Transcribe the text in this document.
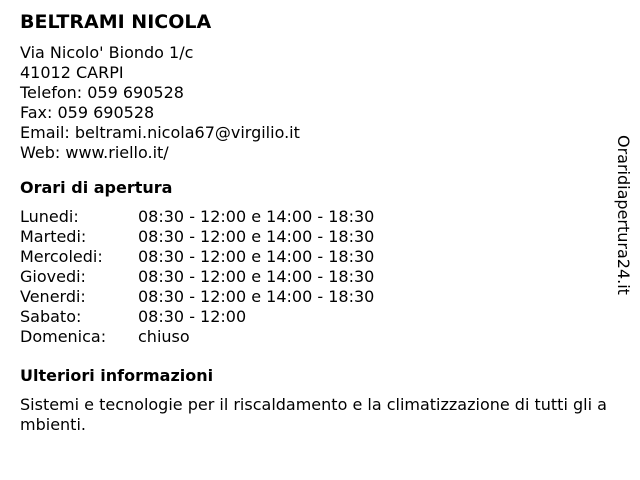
BELTRAMI NICOLA
Via Nicolo' Biondo 1/c
41012 CARPI
Telefon: 059 690528
Fax: 059 690528
Email: beltrami.nicola67@virgilio.it
Web: www.riello.it/
Orari di apertura
Lunedi:	08:30 - 12:00 e 14:00 - 18:30
Martedi:	08:30 - 12:00 e 14:00 - 18:30
Mercoledi:	08:30 - 12:00 e 14:00 - 18:30
Giovedi:	08:30 - 12:00 e 14:00 - 18:30
Venerdi:	08:30 - 12:00 e 14:00 - 18:30
Sabato:	08:30 - 12:00
Domenica:	chiuso
Ulteriori informazioni
Sistemi e tecnologie per il riscaldamento e la climatizzazione di tutti gli ambienti.
Oraridiapertura24.it
